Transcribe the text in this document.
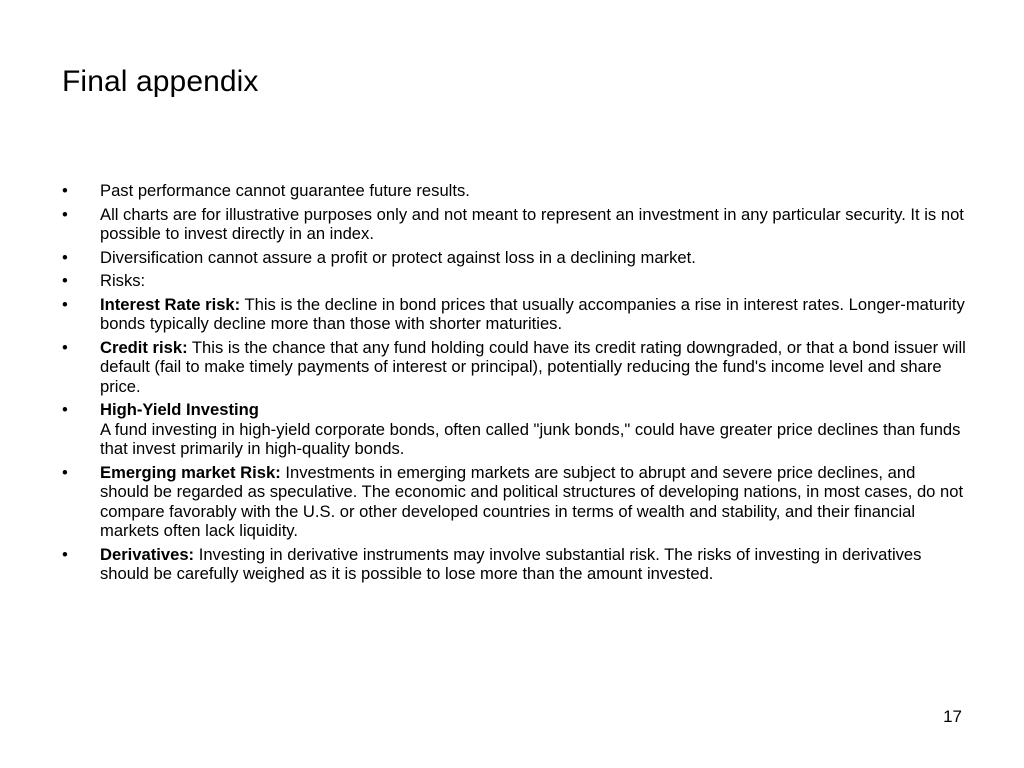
Final appendix
•	Past performance cannot guarantee future results.
•	All charts are for illustrative purposes only and not meant to represent an investment in any particular security. It is not possible to invest directly in an index.
•	Diversification cannot assure a profit or protect against loss in a declining market.
•	Risks:
•	Interest Rate risk: This is the decline in bond prices that usually accompanies a rise in interest rates. Longer-maturity bonds typically decline more than those with shorter maturities.
•	Credit risk: This is the chance that any fund holding could have its credit rating downgraded, or that a bond issuer will default (fail to make timely payments of interest or principal), potentially reducing the fund's income level and share price.
•	High-Yield Investing
A fund investing in high-yield corporate bonds, often called "junk bonds," could have greater price declines than funds that invest primarily in high-quality bonds.
•	Emerging market Risk: Investments in emerging markets are subject to abrupt and severe price declines, and should be regarded as speculative. The economic and political structures of developing nations, in most cases, do not compare favorably with the U.S. or other developed countries in terms of wealth and stability, and their financial markets often lack liquidity.
•	Derivatives: Investing in derivative instruments may involve substantial risk. The risks of investing in derivatives should be carefully weighed as it is possible to lose more than the amount invested.
17
